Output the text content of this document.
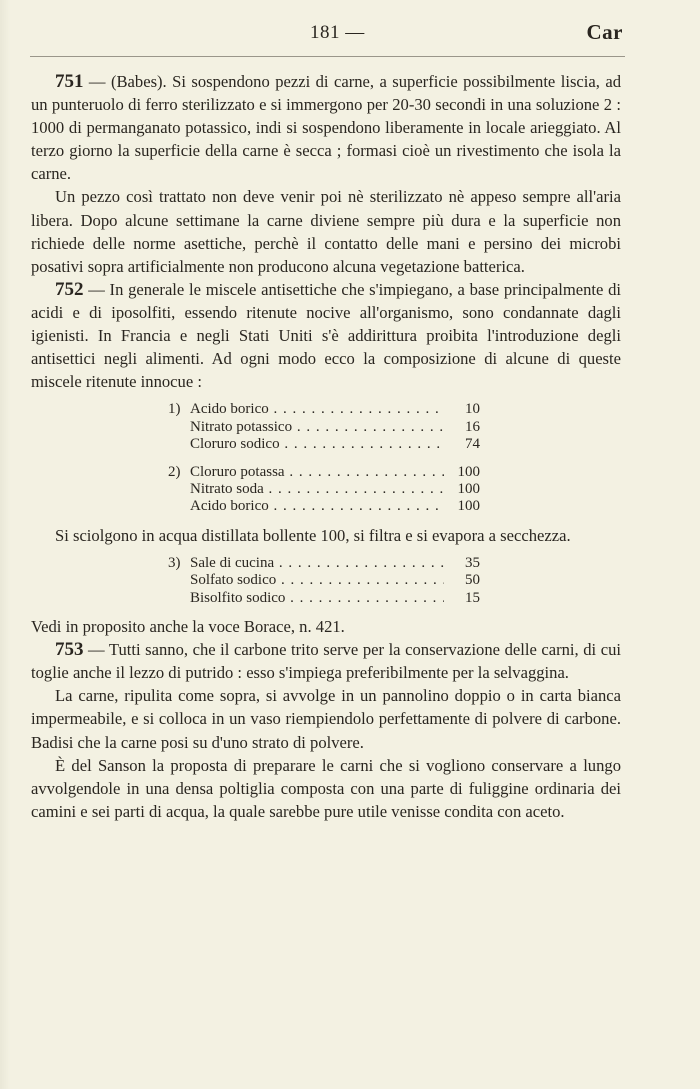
181 —	Car

751 — (Babes). Si sospendono pezzi di carne, a superficie possibilmente liscia, ad un punteruolo di ferro sterilizzato e si immergono per 20-30 secondi in una soluzione 2 : 1000 di permanganato potassico, indi si sospendono liberamente in locale arieggiato. Al terzo giorno la superficie della carne è secca ; formasi cioè un rivestimento che isola la carne.

Un pezzo così trattato non deve venir poi nè sterilizzato nè appeso sempre all'aria libera. Dopo alcune settimane la carne diviene sempre più dura e la superficie non richiede delle norme asettiche, perchè il contatto delle mani e persino dei microbi posativi sopra artificialmente non producono alcuna vegetazione batterica.

752 — In generale le miscele antisettiche che s'impiegano, a base principalmente di acidi e di iposolfiti, essendo ritenute nocive all'organismo, sono condannate dagli igienisti. In Francia e negli Stati Uniti s'è addirittura proibita l'introduzione degli antisettici negli alimenti. Ad ogni modo ecco la composizione di alcune di queste miscele ritenute innocue :

1) Acido borico . . .	10
Nitrato potassico . . .	16
Cloruro sodico . . .	74
2) Cloruro potassa . . .	100
Nitrato soda . . .	100
Acido borico . . .	100

Si sciolgono in acqua distillata bollente 100, si filtra e si evapora a secchezza.

3) Sale di cucina . . .	35
Solfato sodico . . .	50
Bisolfito sodico . . .	15

Vedi in proposito anche la voce Borace, n. 421.

753 — Tutti sanno, che il carbone trito serve per la conservazione delle carni, di cui toglie anche il lezzo di putrido : esso s'impiega preferibilmente per la selvaggina.

La carne, ripulita come sopra, si avvolge in un pannolino doppio o in carta bianca impermeabile, e si colloca in un vaso riempiendolo perfettamente di polvere di carbone. Badisi che la carne posi su d'uno strato di polvere.

È del Sanson la proposta di preparare le carni che si vogliono conservare a lungo avvolgendole in una densa poltiglia composta con una parte di fuliggine ordinaria dei camini e sei parti di acqua, la quale sarebbe pure utile venisse condita con aceto.
